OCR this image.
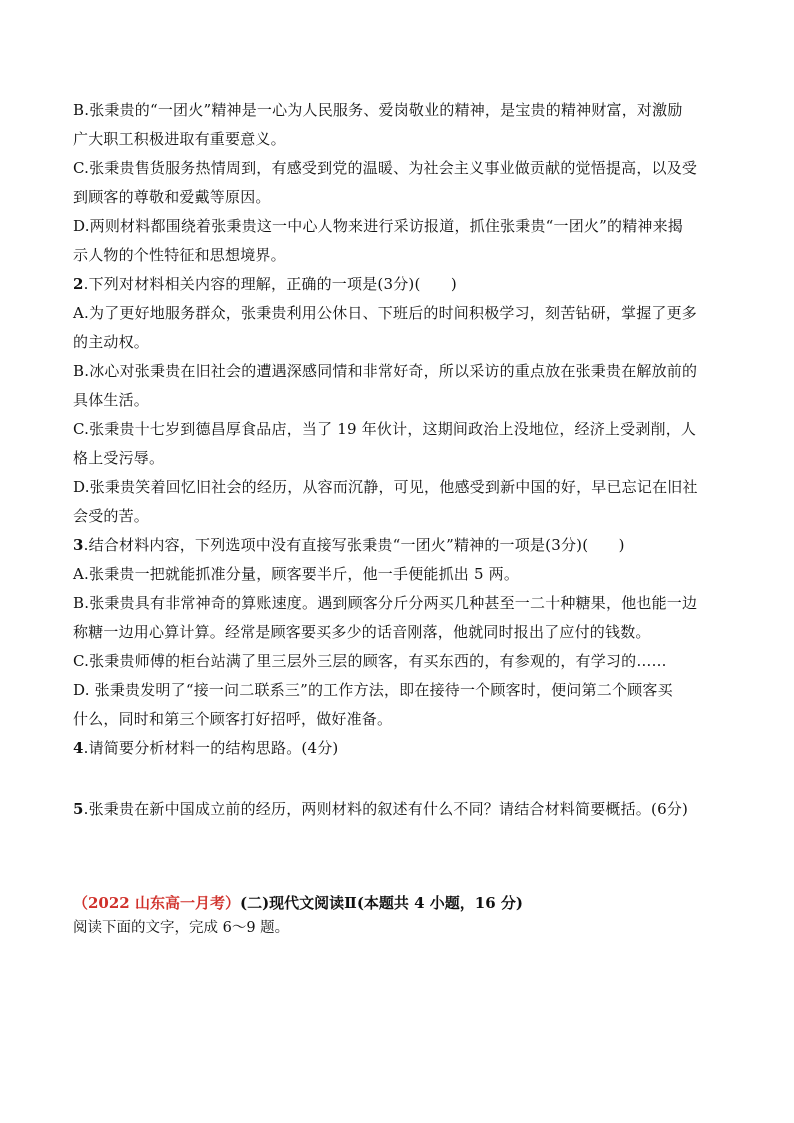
B.张秉贵的“一团火”精神是一心为人民服务、爱岗敬业的精神，是宝贵的精神财富，对激励
广大职工积极进取有重要意义。
C.张秉贵售货服务热情周到，有感受到党的温暖、为社会主义事业做贡献的觉悟提高，以及受
到顾客的尊敬和爱戴等原因。
D.两则材料都围绕着张秉贵这一中心人物来进行采访报道，抓住张秉贵“一团火”的精神来揭
示人物的个性特征和思想境界。
2.下列对材料相关内容的理解，正确的一项是(3分)(　　)
A.为了更好地服务群众，张秉贵利用公休日、下班后的时间积极学习，刻苦钻研，掌握了更多
的主动权。
B.冰心对张秉贵在旧社会的遭遇深感同情和非常好奇，所以采访的重点放在张秉贵在解放前的
具体生活。
C.张秉贵十七岁到德昌厚食品店，当了 19 年伙计，这期间政治上没地位，经济上受剥削，人
格上受污辱。
D.张秉贵笑着回忆旧社会的经历，从容而沉静，可见，他感受到新中国的好，早已忘记在旧社
会受的苦。
3.结合材料内容，下列选项中没有直接写张秉贵“一团火”精神的一项是(3分)(　　)
A.张秉贵一把就能抓准分量，顾客要半斤，他一手便能抓出 5 两。
B.张秉贵具有非常神奇的算账速度。遇到顾客分斤分两买几种甚至一二十种糖果，他也能一边
称糖一边用心算计算。经常是顾客要买多少的话音刚落，他就同时报出了应付的钱数。
C.张秉贵师傅的柜台站满了里三层外三层的顾客，有买东西的，有参观的，有学习的……
D. 张秉贵发明了“接一问二联系三”的工作方法，即在接待一个顾客时，便问第二个顾客买
什么，同时和第三个顾客打好招呼，做好准备。
4.请简要分析材料一的结构思路。(4分)
5.张秉贵在新中国成立前的经历，两则材料的叙述有什么不同？请结合材料简要概括。(6分)
（2022 山东高一月考）(二)现代文阅读Ⅱ(本题共 4 小题，16 分)
阅读下面的文字，完成 6～9 题。
